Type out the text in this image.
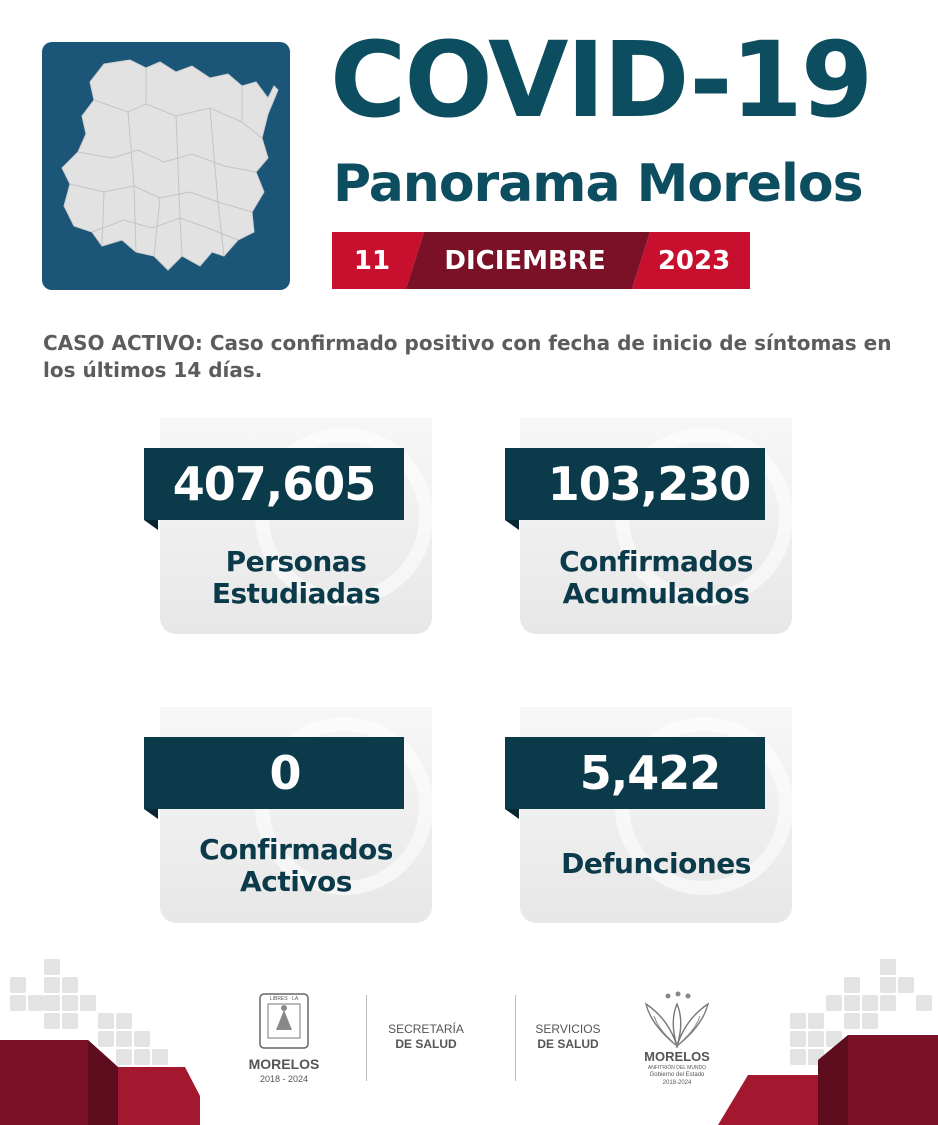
COVID-19
Panorama Morelos
11	DICIEMBRE	2023
CASO ACTIVO: Caso confirmado positivo con fecha de inicio de síntomas en los últimos 14 días.
407,605
Personas
Estudiadas
103,230
Confirmados
Acumulados
0
Confirmados
Activos
5,422
Defunciones
LIBRES · LA
MORELOS
2018 - 2024
SECRETARÍA
DE SALUD
SERVICIOS
DE SALUD
MORELOS
ANFITRIÓN DEL MUNDO
Gobierno del Estado
2018-2024
